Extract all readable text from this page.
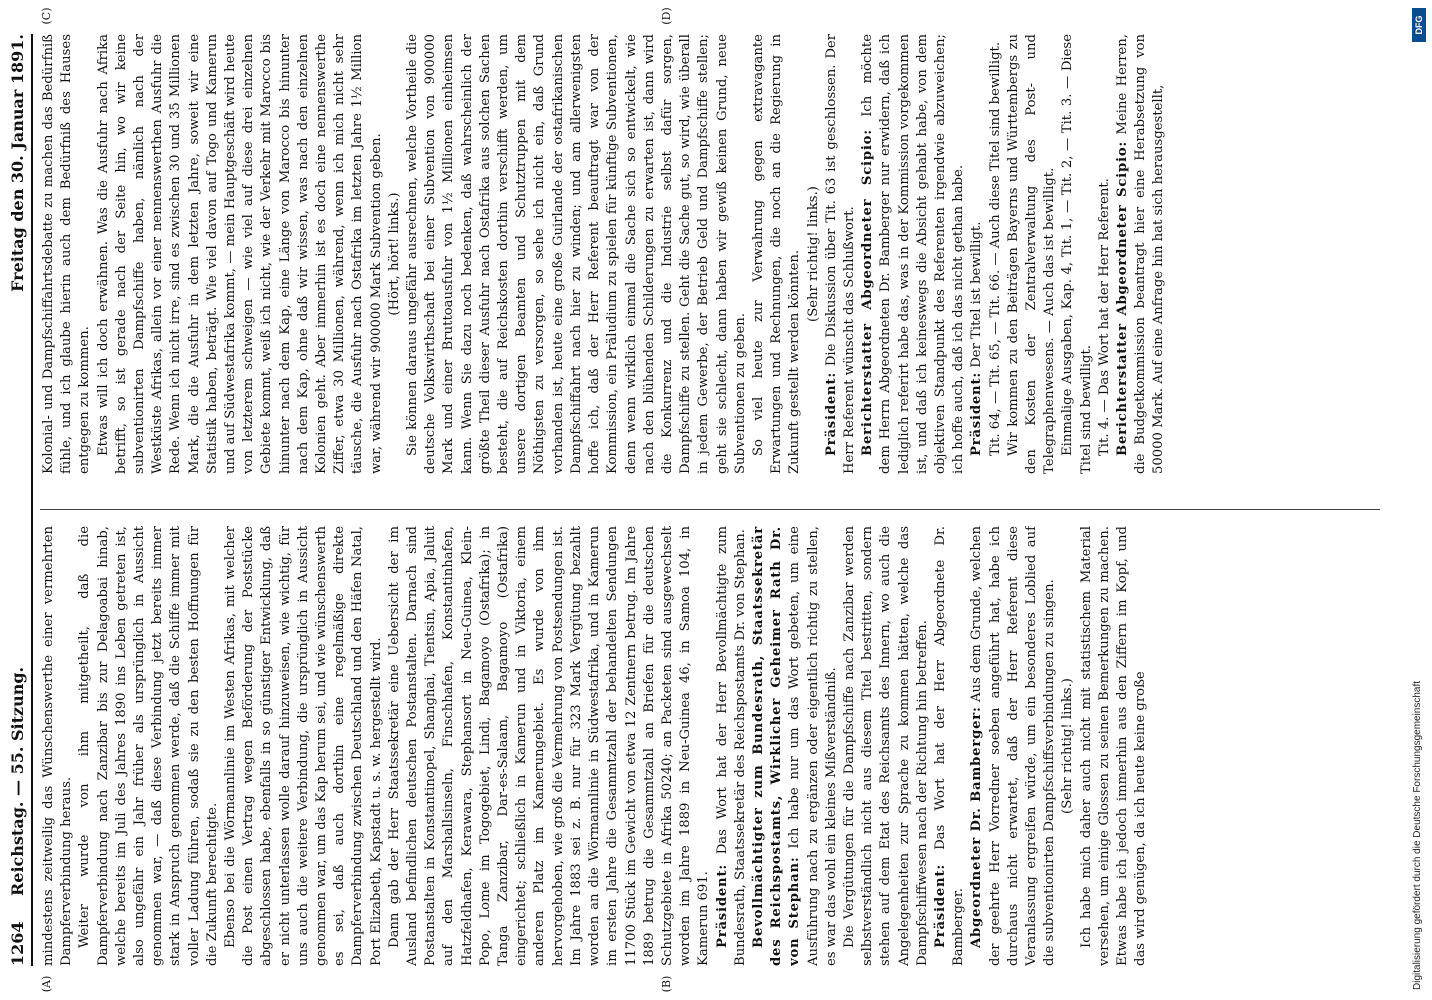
1264
Reichstag. — 55. Sitzung.
Freitag den 30. Januar 1891.

mindestens zeitweilig das Wünschenswerthe einer vermehrten Dampferverbindung heraus. Weiter wurde von ihm mitgetheilt, daß die Dampferverbindung nach Zanzibar bis zur Delagoabai hinab, welche bereits im Juli des Jahres 1890 ins Leben getreten ist, also ungefähr ein Jahr früher als ursprünglich in Aussicht genommen war, — daß diese Verbindung jetzt bereits immer stark in Anspruch genommen werde, daß die Schiffe immer mit voller Ladung führen, sodaß sie zu den besten Hoffnungen für die Zukunft berechtigte. Ebenso bei die Wörmannlinie im Westen Afrikas, mit welcher die Post einen Vertrag wegen Beförderung der Poststücke abgeschlossen habe, ebenfalls in so günstiger Entwicklung, daß er nicht unterlassen wolle darauf hinzuweisen, wie wichtig, für uns auch die weitere Verbindung, die ursprünglich in Aussicht genommen war, um das Kap herum sei, und wie wünschenswerth es sei, daß auch dorthin eine regelmäßige direkte Dampferverbindung zwischen Deutschland und den Häfen Natal, Port Elizabeth, Kapstadt u. s. w. hergestellt wird. Dann gab der Herr Staatssekretär eine Uebersicht der im Ausland befindlichen deutschen Postanstalten. Darnach sind Postanstalten in Konstantinopel, Shanghai, Tientsin, Apia, Jaluit auf den Marshallsinseln, Finschhafen, Konstantinhafen, Hatzfeldhafen, Kerawara, Stephansort in Neu-Guinea, Klein-Popo, Lome im Togogebiet, Lindi, Bagamoyo (Ostafrika); in Tanga Zanzibar, Dar-es-Salaam, Bagamoyo (Ostafrika) eingerichtet; schließlich in Kamerun und in Viktoria, einem anderen Platz im Kamerungebiet. Es wurde von ihm hervorgehoben, wie groß die Vermehrung von Postsendungen ist. Im Jahre 1883 sei z. B. nur für 323 Mark Vergütung bezahlt worden an die Wörmannlinie in Südwestafrika, und in Kamerun im ersten Jahre die Gesammtzahl der behandelten Sendungen 11700 Stück im Gewicht von etwa 12 Zentnern betrug. Im Jahre 1889 betrug die Gesammtzahl an Briefen für die deutschen Schutzgebiete in Afrika 50240; an Packeten sind ausgewechselt worden im Jahre 1889 in Neu-Guinea 46, in Samoa 104, in Kamerun 691. Präsident: Das Wort hat der Herr Bevollmächtigte zum Bundesrath, Staatssekretär des Reichspostamts Dr. von Stephan. Bevollmächtigter zum Bundesrath, Staatssekretär des Reichspostamts, Wirklicher Geheimer Rath Dr. von Stephan: Ich habe nur um das Wort gebeten, um eine Ausführung nach zu ergänzen oder eigentlich richtig zu stellen, es war das wohl ein kleines Mißverständniß. Die Vergütungen für die Dampfschiffe nach Zanzibar werden selbstverständlich nicht aus diesem Titel bestritten, sondern stehen auf dem Etat des Reichsamts des Innern, wo auch die Angelegenheiten zur Sprache zu kommen hätten, welche das Dampfschiffwesen nach der Richtung hin betreffen. Präsident: Das Wort hat der Herr Abgeordnete Dr. Bamberger. Abgeordneter Dr. Bamberger: Aus dem Grunde, welchen der geehrte Herr Vorredner soeben angeführt hat, habe ich durchaus nicht erwartet, daß der Herr Referent diese Veranlassung ergreifen würde, um ein besonderes Loblied auf die subventionirten Dampfschiffsverbindungen zu singen. (Sehr richtig! links.) Ich habe mich daher auch nicht mit statistischem Material versehen, um einige Glossen zu seinen Bemerkungen zu machen. Etwas habe ich jedoch immerhin aus den Ziffern im Kopf, und das wird genügen, da ich heute keine große

Kolonial- und Dampfschiffahrtsdebatte zu machen das Bedürfniß fühle, und ich glaube hierin auch dem Bedürfniß des Hauses entgegen zu kommen. Etwas will ich doch erwähnen. Was die Ausfuhr nach Afrika betrifft, so ist gerade nach der Seite hin, wo wir keine subventionirten Dampfschiffe haben, nämlich nach der Westküste Afrikas, allein vor einer nennenswerthen Ausfuhr die Rede. Wenn ich nicht irre, sind es zwischen 30 und 35 Millionen Mark, die die Ausfuhr in dem letzten Jahre, soweit wir eine Statistik haben, beträgt. Wie viel davon auf Togo und Kamerun und auf Südwestafrika kommt, — mein Hauptgeschäft wird heute von letzterem schweigen — wie viel auf diese drei einzelnen Gebiete kommt, weiß ich nicht, wie der Verkehr mit Marocco bis hinunter nach dem Kap, eine Länge von Marocco bis hinunter nach dem Kap, ohne daß wir wissen, was nach den einzelnen Kolonien geht. Aber immerhin ist es doch eine nennenswerthe Ziffer, etwa 30 Millionen, während, wenn ich mich nicht sehr täusche, die Ausfuhr nach Ostafrika im letzten Jahre 1½ Million war, während wir 900000 Mark Subvention geben. (Hört, hört! links.) Sie können daraus ungefähr ausrechnen, welche Vortheile die deutsche Volkswirthschaft bei einer Subvention von 900000 Mark und einer Bruttoausfuhr von 1½ Millionen einheimsen kann. Wenn Sie dazu noch bedenken, daß wahrscheinlich der größte Theil dieser Ausfuhr nach Ostafrika aus solchen Sachen besteht, die auf Reichskosten dorthin verschifft werden, um unsere dortigen Beamten und Schutztruppen mit dem Nöthigsten zu versorgen, so sehe ich nicht ein, daß Grund vorhanden ist, heute eine große Guirlande der ostafrikanischen Dampfschiffahrt nach hier zu winden; und am allerwenigsten hoffe ich, daß der Herr Referent beauftragt war von der Kommission, ein Präludium zu spielen für künftige Subventionen, denn wenn wirklich einmal die Sache sich so entwickelt, wie nach den blühenden Schilderungen zu erwarten ist, dann wird die Konkurrenz und die Industrie selbst dafür sorgen, Dampfschiffe zu stellen. Geht die Sache gut, so wird, wie überall in jedem Gewerbe, der Betrieb Geld und Dampfschiffe stellen; geht sie schlecht, dann haben wir gewiß keinen Grund, neue Subventionen zu geben. So viel heute zur Verwahrung gegen extravagante Erwartungen und Rechnungen, die noch an die Regierung in Zukunft gestellt werden könnten. (Sehr richtig! links.)

Präsident: Die Diskussion über Tit. 63 ist geschlossen. Der Herr Referent wünscht das Schlußwort. Berichterstatter Abgeordneter Scipio: Ich möchte dem Herrn Abgeordneten Dr. Bamberger nur erwidern, daß ich lediglich referirt habe das, was in der Kommission vorgekommen ist, und daß ich keineswegs die Absicht gehabt habe, von dem objektiven Standpunkt des Referenten irgendwie abzuweichen; ich hoffe auch, daß ich das nicht gethan habe. Präsident: Der Titel ist bewilligt. Tit. 64, — Tit. 65, — Tit. 66. — Auch diese Titel sind bewilligt. Wir kommen zu den Beiträgen Bayerns und Württembergs zu den Kosten der Zentralverwaltung des Post- und Telegraphenwesens. — Auch das ist bewilligt. Einmalige Ausgaben, Kap. 4, Tit. 1, — Tit. 2, — Tit. 3. — Diese Titel sind bewilligt. Tit. 4. — Das Wort hat der Herr Referent. Berichterstatter Abgeordneter Scipio: Meine Herren, die Budgetkommission beantragt hier eine Herabsetzung von 50000 Mark. Auf eine Anfrage hin hat sich herausgestellt,

(A)	(B)
(C)	(D)	DFG
Digitalisierung gefördert durch die Deutsche Forschungsgemeinschaft
